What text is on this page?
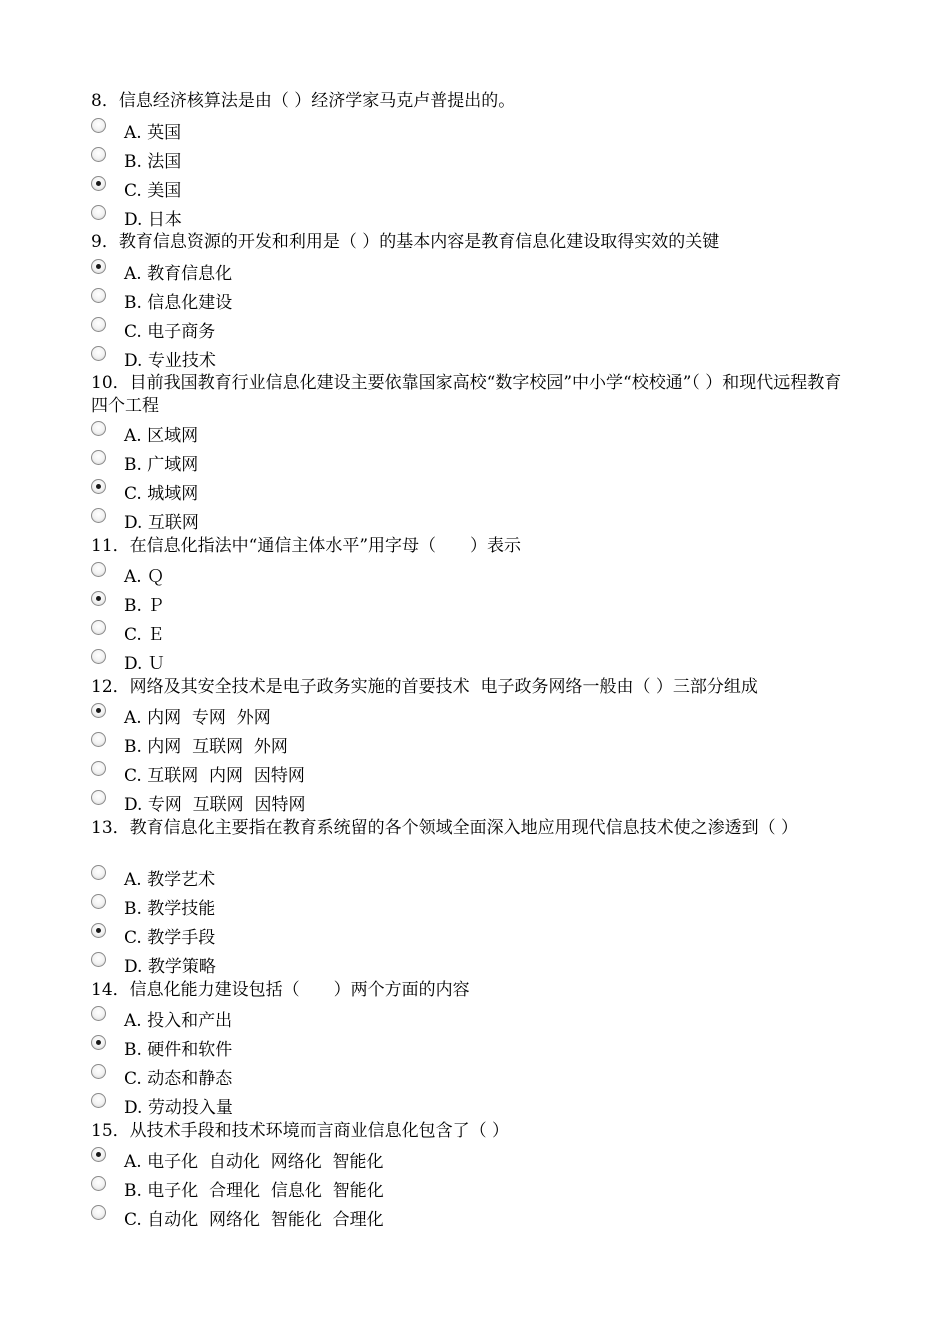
8．信息经济核算法是由（ ）经济学家马克卢普提出的。
A. 英国
B. 法国
C. 美国
D. 日本
9．教育信息资源的开发和利用是（ ）的基本内容是教育信息化建设取得实效的关键
A. 教育信息化
B. 信息化建设
C. 电子商务
D. 专业技术
10．目前我国教育行业信息化建设主要依靠国家高校“数字校园”中小学“校校通”（ ）和现代远程教育四个工程
A. 区域网
B. 广域网
C. 城域网
D. 互联网
11．在信息化指法中“通信主体水平”用字母（　　）表示
A. Ｑ
B. Ｐ
C. Ｅ
D. Ｕ
12．网络及其安全技术是电子政务实施的首要技术  电子政务网络一般由（ ）三部分组成
A. 内网  专网  外网
B. 内网  互联网  外网
C. 互联网  内网  因特网
D. 专网  互联网  因特网
13．教育信息化主要指在教育系统留的各个领域全面深入地应用现代信息技术使之渗透到（ ）
A. 教学艺术
B. 教学技能
C. 教学手段
D. 教学策略
14．信息化能力建设包括（　　）两个方面的内容
A. 投入和产出
B. 硬件和软件
C. 动态和静态
D. 劳动投入量
15．从技术手段和技术环境而言商业信息化包含了（ ）
A. 电子化  自动化  网络化  智能化
B. 电子化  合理化  信息化  智能化
C. 自动化  网络化  智能化  合理化
